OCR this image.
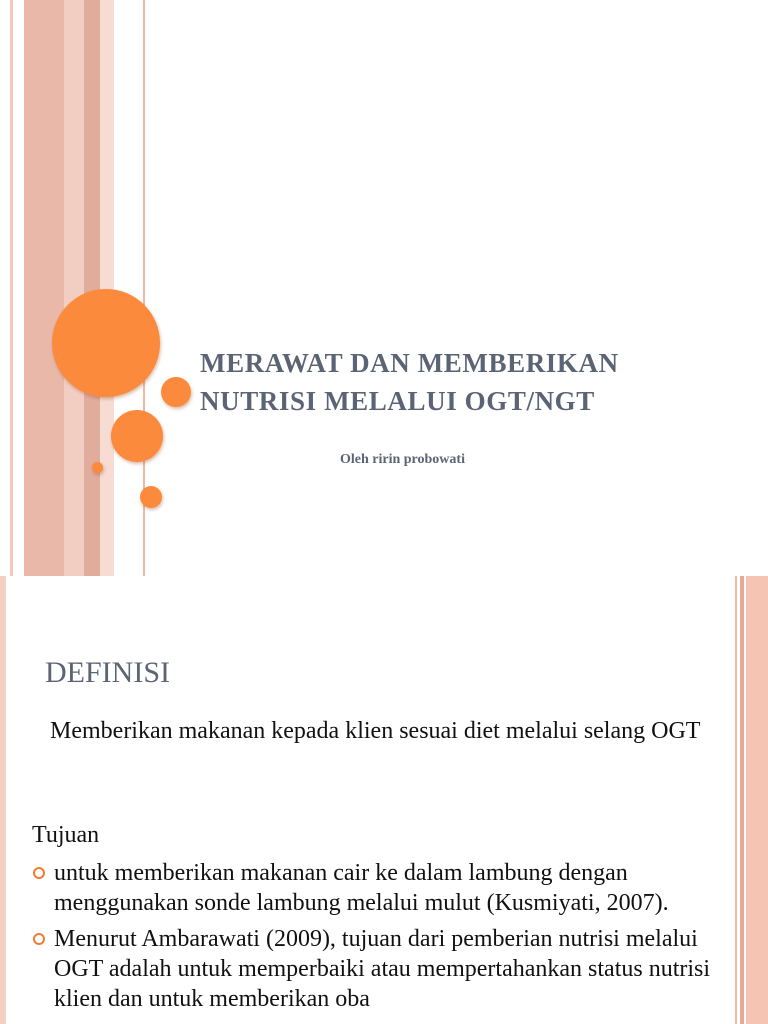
MERAWAT DAN MEMBERIKAN
NUTRISI MELALUI OGT/NGT

Oleh ririn probowati

DEFINISI

Memberikan makanan kepada klien sesuai diet melalui selang OGT

Tujuan

untuk memberikan makanan cair ke dalam lambung dengan menggunakan sonde lambung melalui mulut (Kusmiyati, 2007).
Menurut Ambarawati (2009), tujuan dari pemberian nutrisi melalui OGT adalah untuk memperbaiki atau mempertahankan status nutrisi klien dan untuk memberikan oba
